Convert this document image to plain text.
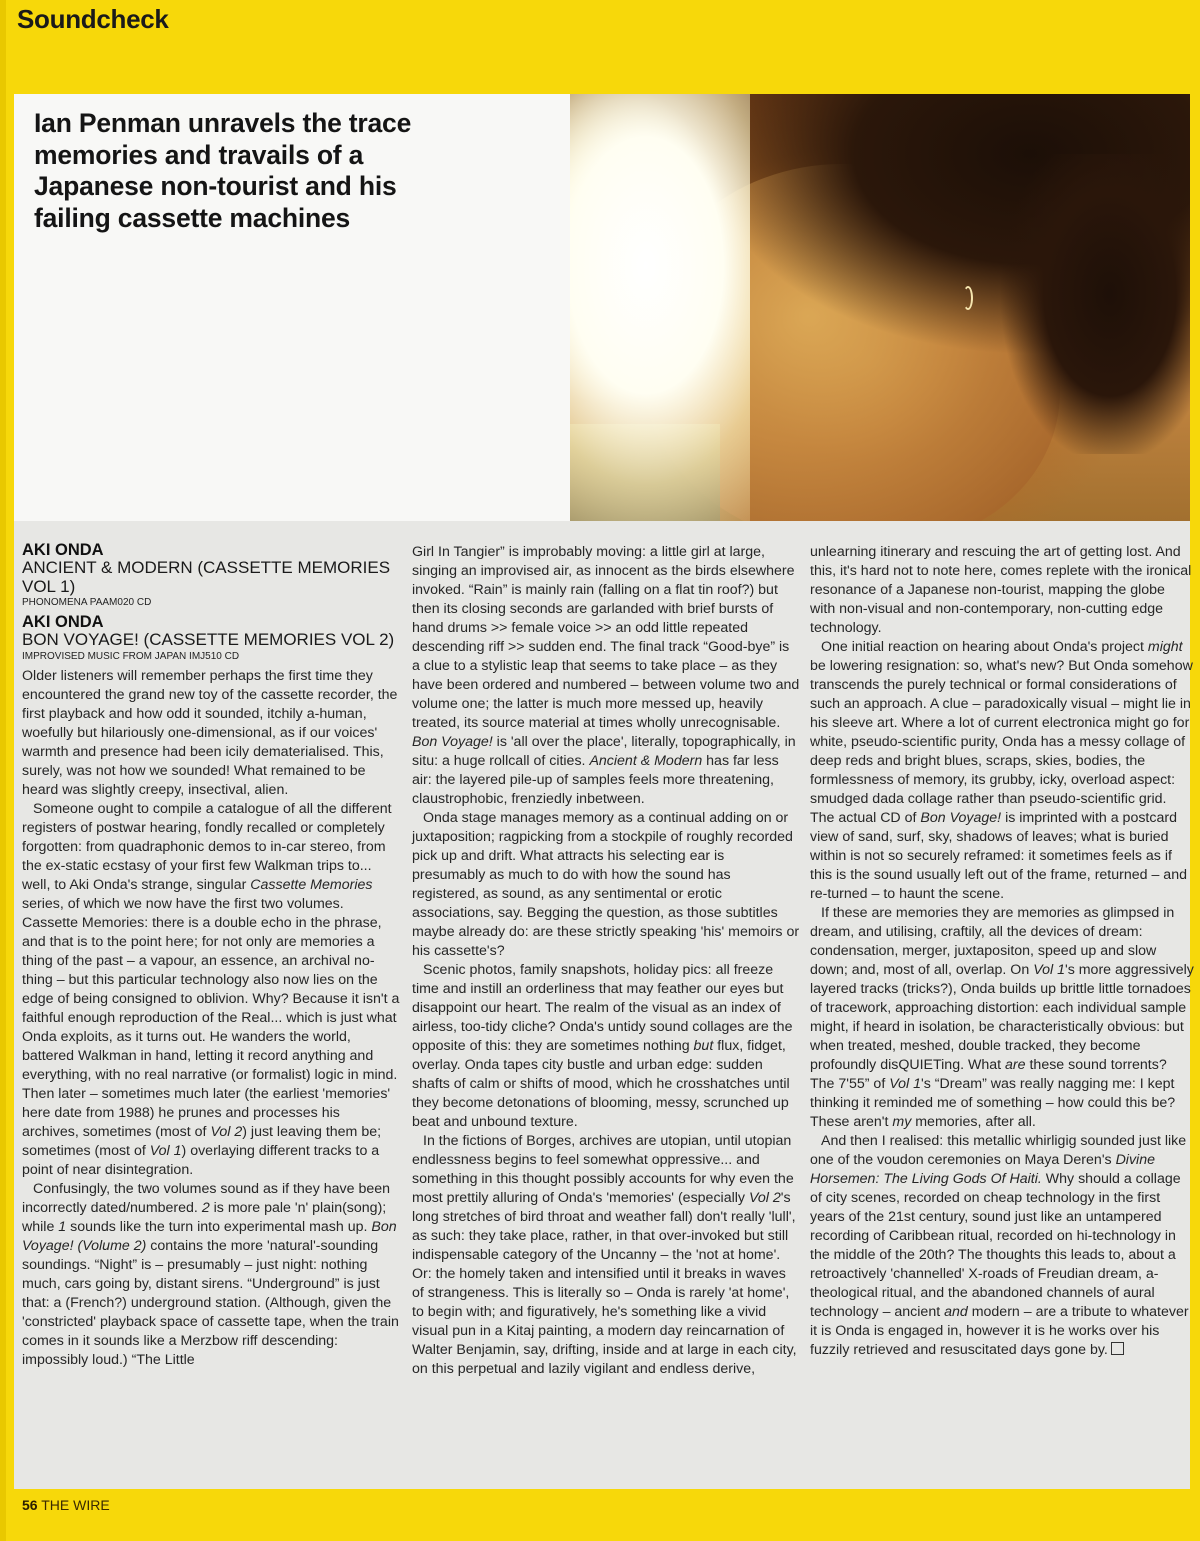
Soundcheck
Ian Penman unravels the trace memories and travails of a Japanese non-tourist and his failing cassette machines
AKI ONDA
ANCIENT & MODERN (CASSETTE MEMORIES VOL 1)
PHONOMENA PAAM020 CD
AKI ONDA
BON VOYAGE! (CASSETTE MEMORIES VOL 2)
IMPROVISED MUSIC FROM JAPAN IMJ510 CD

Older listeners will remember perhaps the first time they encountered the grand new toy of the cassette recorder, the first playback and how odd it sounded, itchily a-human, woefully but hilariously one-dimensional, as if our voices' warmth and presence had been icily dematerialised. This, surely, was not how we sounded! What remained to be heard was slightly creepy, insectival, alien.

Someone ought to compile a catalogue of all the different registers of postwar hearing, fondly recalled or completely forgotten: from quadraphonic demos to in-car stereo, from the ex-static ecstasy of your first few Walkman trips to... well, to Aki Onda's strange, singular Cassette Memories series, of which we now have the first two volumes. Cassette Memories: there is a double echo in the phrase, and that is to the point here; for not only are memories a thing of the past – a vapour, an essence, an archival no-thing – but this particular technology also now lies on the edge of being consigned to oblivion. Why? Because it isn't a faithful enough reproduction of the Real... which is just what Onda exploits, as it turns out. He wanders the world, battered Walkman in hand, letting it record anything and everything, with no real narrative (or formalist) logic in mind. Then later – sometimes much later (the earliest 'memories' here date from 1988) he prunes and processes his archives, sometimes (most of Vol 2) just leaving them be; sometimes (most of Vol 1) overlaying different tracks to a point of near disintegration.

Confusingly, the two volumes sound as if they have been incorrectly dated/numbered. 2 is more pale 'n' plain(song); while 1 sounds like the turn into experimental mash up. Bon Voyage! (Volume 2) contains the more 'natural'-sounding soundings. “Night” is – presumably – just night: nothing much, cars going by, distant sirens. “Underground” is just that: a (French?) underground station. (Although, given the 'constricted' playback space of cassette tape, when the train comes in it sounds like a Merzbow riff descending: impossibly loud.) “The Little

Girl In Tangier” is improbably moving: a little girl at large, singing an improvised air, as innocent as the birds elsewhere invoked. “Rain” is mainly rain (falling on a flat tin roof?) but then its closing seconds are garlanded with brief bursts of hand drums >> female voice >> an odd little repeated descending riff >> sudden end. The final track “Good-bye” is a clue to a stylistic leap that seems to take place – as they have been ordered and numbered – between volume two and volume one; the latter is much more messed up, heavily treated, its source material at times wholly unrecognisable. Bon Voyage! is 'all over the place', literally, topographically, in situ: a huge rollcall of cities. Ancient & Modern has far less air: the layered pile-up of samples feels more threatening, claustrophobic, frenziedly inbetween.

Onda stage manages memory as a continual adding on or juxtaposition; ragpicking from a stockpile of roughly recorded pick up and drift. What attracts his selecting ear is presumably as much to do with how the sound has registered, as sound, as any sentimental or erotic associations, say. Begging the question, as those subtitles maybe already do: are these strictly speaking 'his' memoirs or his cassette's?

Scenic photos, family snapshots, holiday pics: all freeze time and instill an orderliness that may feather our eyes but disappoint our heart. The realm of the visual as an index of airless, too-tidy cliche? Onda's untidy sound collages are the opposite of this: they are sometimes nothing but flux, fidget, overlay. Onda tapes city bustle and urban edge: sudden shafts of calm or shifts of mood, which he crosshatches until they become detonations of blooming, messy, scrunched up beat and unbound texture.

In the fictions of Borges, archives are utopian, until utopian endlessness begins to feel somewhat oppressive... and something in this thought possibly accounts for why even the most prettily alluring of Onda's 'memories' (especially Vol 2's long stretches of bird throat and weather fall) don't really 'lull', as such: they take place, rather, in that over-invoked but still indispensable category of the Uncanny – the 'not at home'. Or: the homely taken and intensified until it breaks in waves of strangeness. This is literally so – Onda is rarely 'at home', to begin with; and figuratively, he's something like a vivid visual pun in a Kitaj painting, a modern day reincarnation of Walter Benjamin, say, drifting, inside and at large in each city, on this perpetual and lazily vigilant and endless derive,

unlearning itinerary and rescuing the art of getting lost. And this, it's hard not to note here, comes replete with the ironical resonance of a Japanese non-tourist, mapping the globe with non-visual and non-contemporary, non-cutting edge technology.

One initial reaction on hearing about Onda's project might be lowering resignation: so, what's new? But Onda somehow transcends the purely technical or formal considerations of such an approach. A clue – paradoxically visual – might lie in his sleeve art. Where a lot of current electronica might go for white, pseudo-scientific purity, Onda has a messy collage of deep reds and bright blues, scraps, skies, bodies, the formlessness of memory, its grubby, icky, overload aspect: smudged dada collage rather than pseudo-scientific grid. The actual CD of Bon Voyage! is imprinted with a postcard view of sand, surf, sky, shadows of leaves; what is buried within is not so securely reframed: it sometimes feels as if this is the sound usually left out of the frame, returned – and re-turned – to haunt the scene.

If these are memories they are memories as glimpsed in dream, and utilising, craftily, all the devices of dream: condensation, merger, juxtapositon, speed up and slow down; and, most of all, overlap. On Vol 1's more aggressively layered tracks (tricks?), Onda builds up brittle little tornadoes of tracework, approaching distortion: each individual sample might, if heard in isolation, be characteristically obvious: but when treated, meshed, double tracked, they become profoundly disQUIETing. What are these sound torrents? The 7'55” of Vol 1's “Dream” was really nagging me: I kept thinking it reminded me of something – how could this be? These aren't my memories, after all.

And then I realised: this metallic whirligig sounded just like one of the voudon ceremonies on Maya Deren's Divine Horsemen: The Living Gods Of Haiti. Why should a collage of city scenes, recorded on cheap technology in the first years of the 21st century, sound just like an untampered recording of Caribbean ritual, recorded on hi-technology in the middle of the 20th? The thoughts this leads to, about a retroactively 'channelled' X-roads of Freudian dream, a-theological ritual, and the abandoned channels of aural technology – ancient and modern – are a tribute to whatever it is Onda is engaged in, however it is he works over his fuzzily retrieved and resuscitated days gone by.

56 THE WIRE
